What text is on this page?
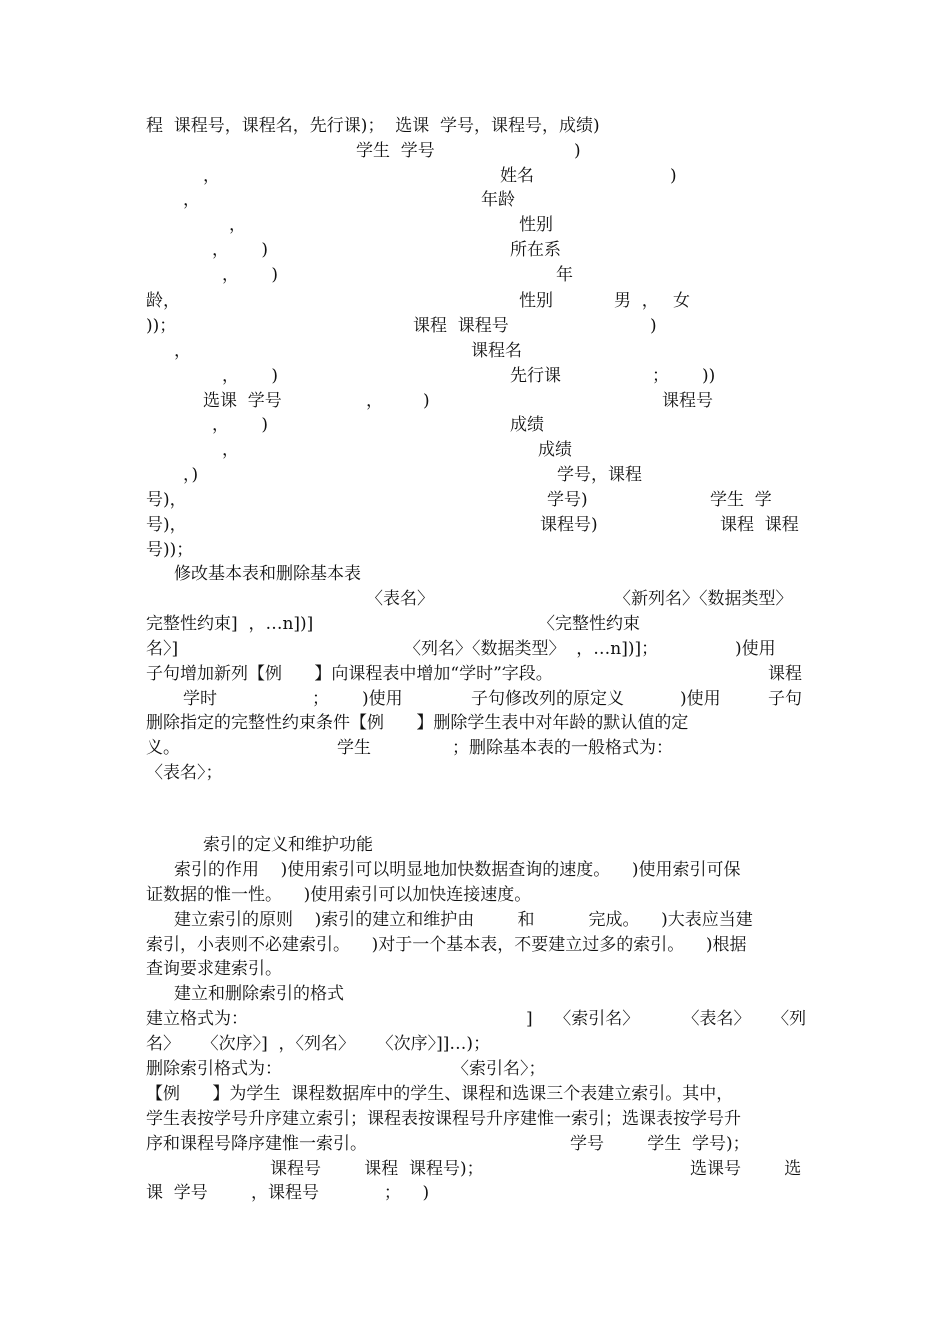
程  课程号，课程名，先行课)；  选课  学号，课程号，成绩)

学生  学号	)

，	姓名	)

，	年龄

，	性别

，      )	所在系

，      )	年

龄，	性别	男  ， 女

))；	课程  课程号	)

，	课程名

，      )	先行课	； ))

选课  学号	， )	课程号

，      )	成绩

，	成绩

，)	学号，课程

号)，	学号)	学生  学

号)，	课程号)	课程  课程

号))；

修改基本表和删除基本表

〈表名〉	〈新列名〉〈数据类型〉

完整性约束]  ，…n])]	〈完整性约束

名〉]	〈列名〉〈数据类型〉  ，…n])]；	)使用

子句增加新列【例      】向课程表中增加“学时”字段。	课程

学时	； )使用	子句修改列的原定义	)使用	子句

删除指定的完整性约束条件【例      】删除学生表中对年龄的默认值的定

义。	学生	；删除基本表的一般格式为：

〈表名〉；

索引的定义和维护功能

索引的作用    )使用索引可以明显地加快数据查询的速度。    )使用索引可保

证数据的惟一性。    )使用索引可以加快连接速度。

建立索引的原则    )索引的建立和维护由        和          完成。    )大表应当建

索引，小表则不必建索引。    )对于一个基本表，不要建立过多的索引。    )根据

查询要求建索引。

建立和删除索引的格式

建立格式为：	]    〈索引名〉        〈表名〉    〈列

名〉    〈次序〉]  ，〈列名〉    〈次序〉]]…)；

删除索引格式为：	〈索引名〉；

【例      】为学生  课程数据库中的学生、课程和选课三个表建立索引。其中，

学生表按学号升序建立索引；课程表按课程号升序建惟一索引；选课表按学号升

序和课程号降序建惟一索引。	学号        学生  学号)；

课程号        课程  课程号)；	选课号        选

课  学号        ，课程号            ；    )
